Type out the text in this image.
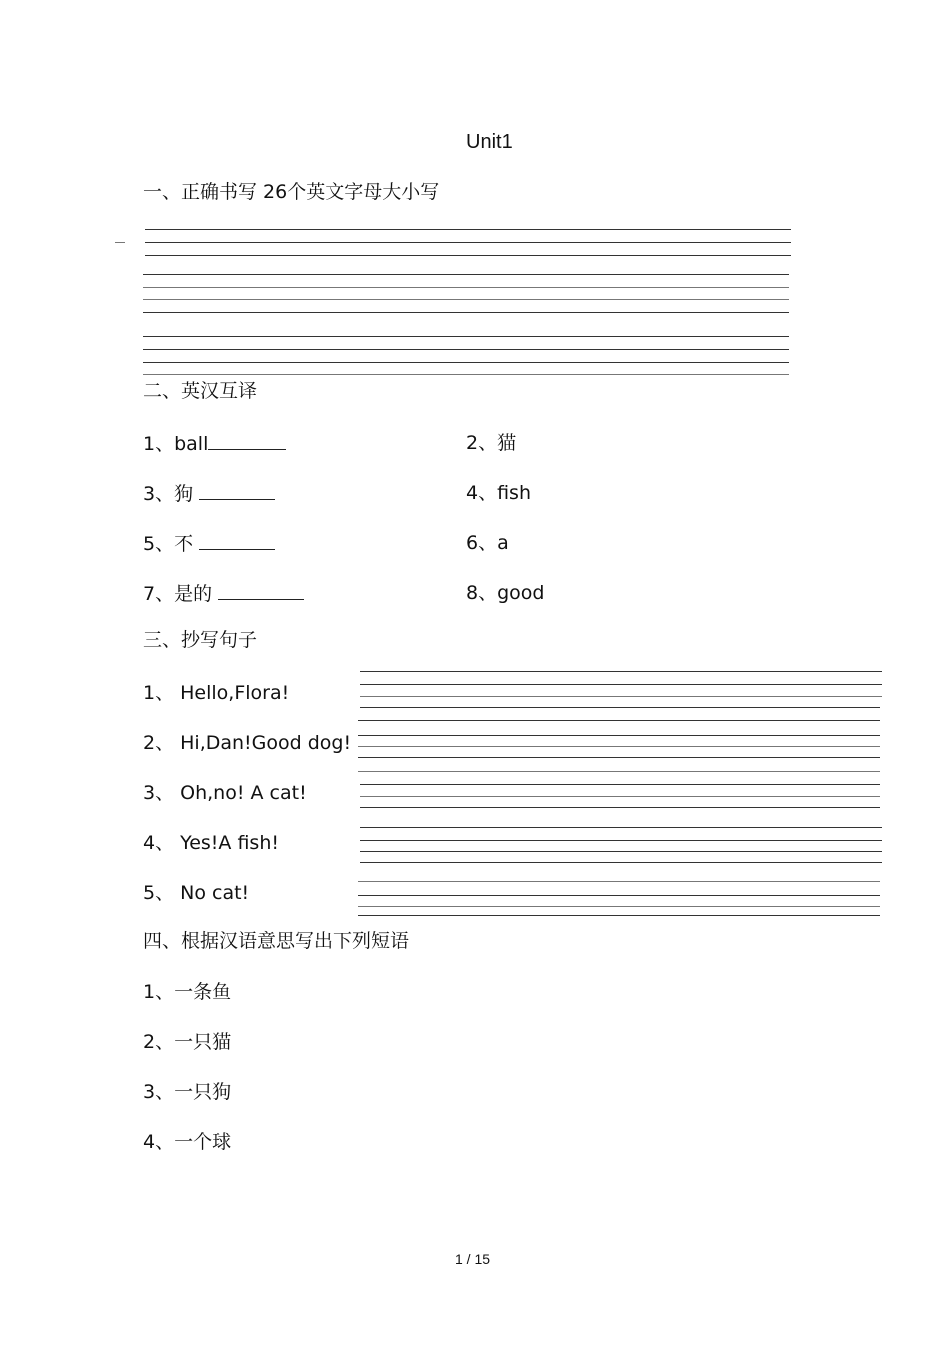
Unit1
一、正确书写 26个英文字母大小写
二、英汉互译
1、ball	2、猫
3、狗	4、fish
5、不	6、a
7、是的	8、good
三、抄写句子
1、 Hello,Flora!
2、 Hi,Dan!Good dog!
3、 Oh,no! A cat!
4、 Yes!A fish!
5、 No cat!
四、根据汉语意思写出下列短语
1、一条鱼
2、一只猫
3、一只狗
4、一个球
1 / 15
